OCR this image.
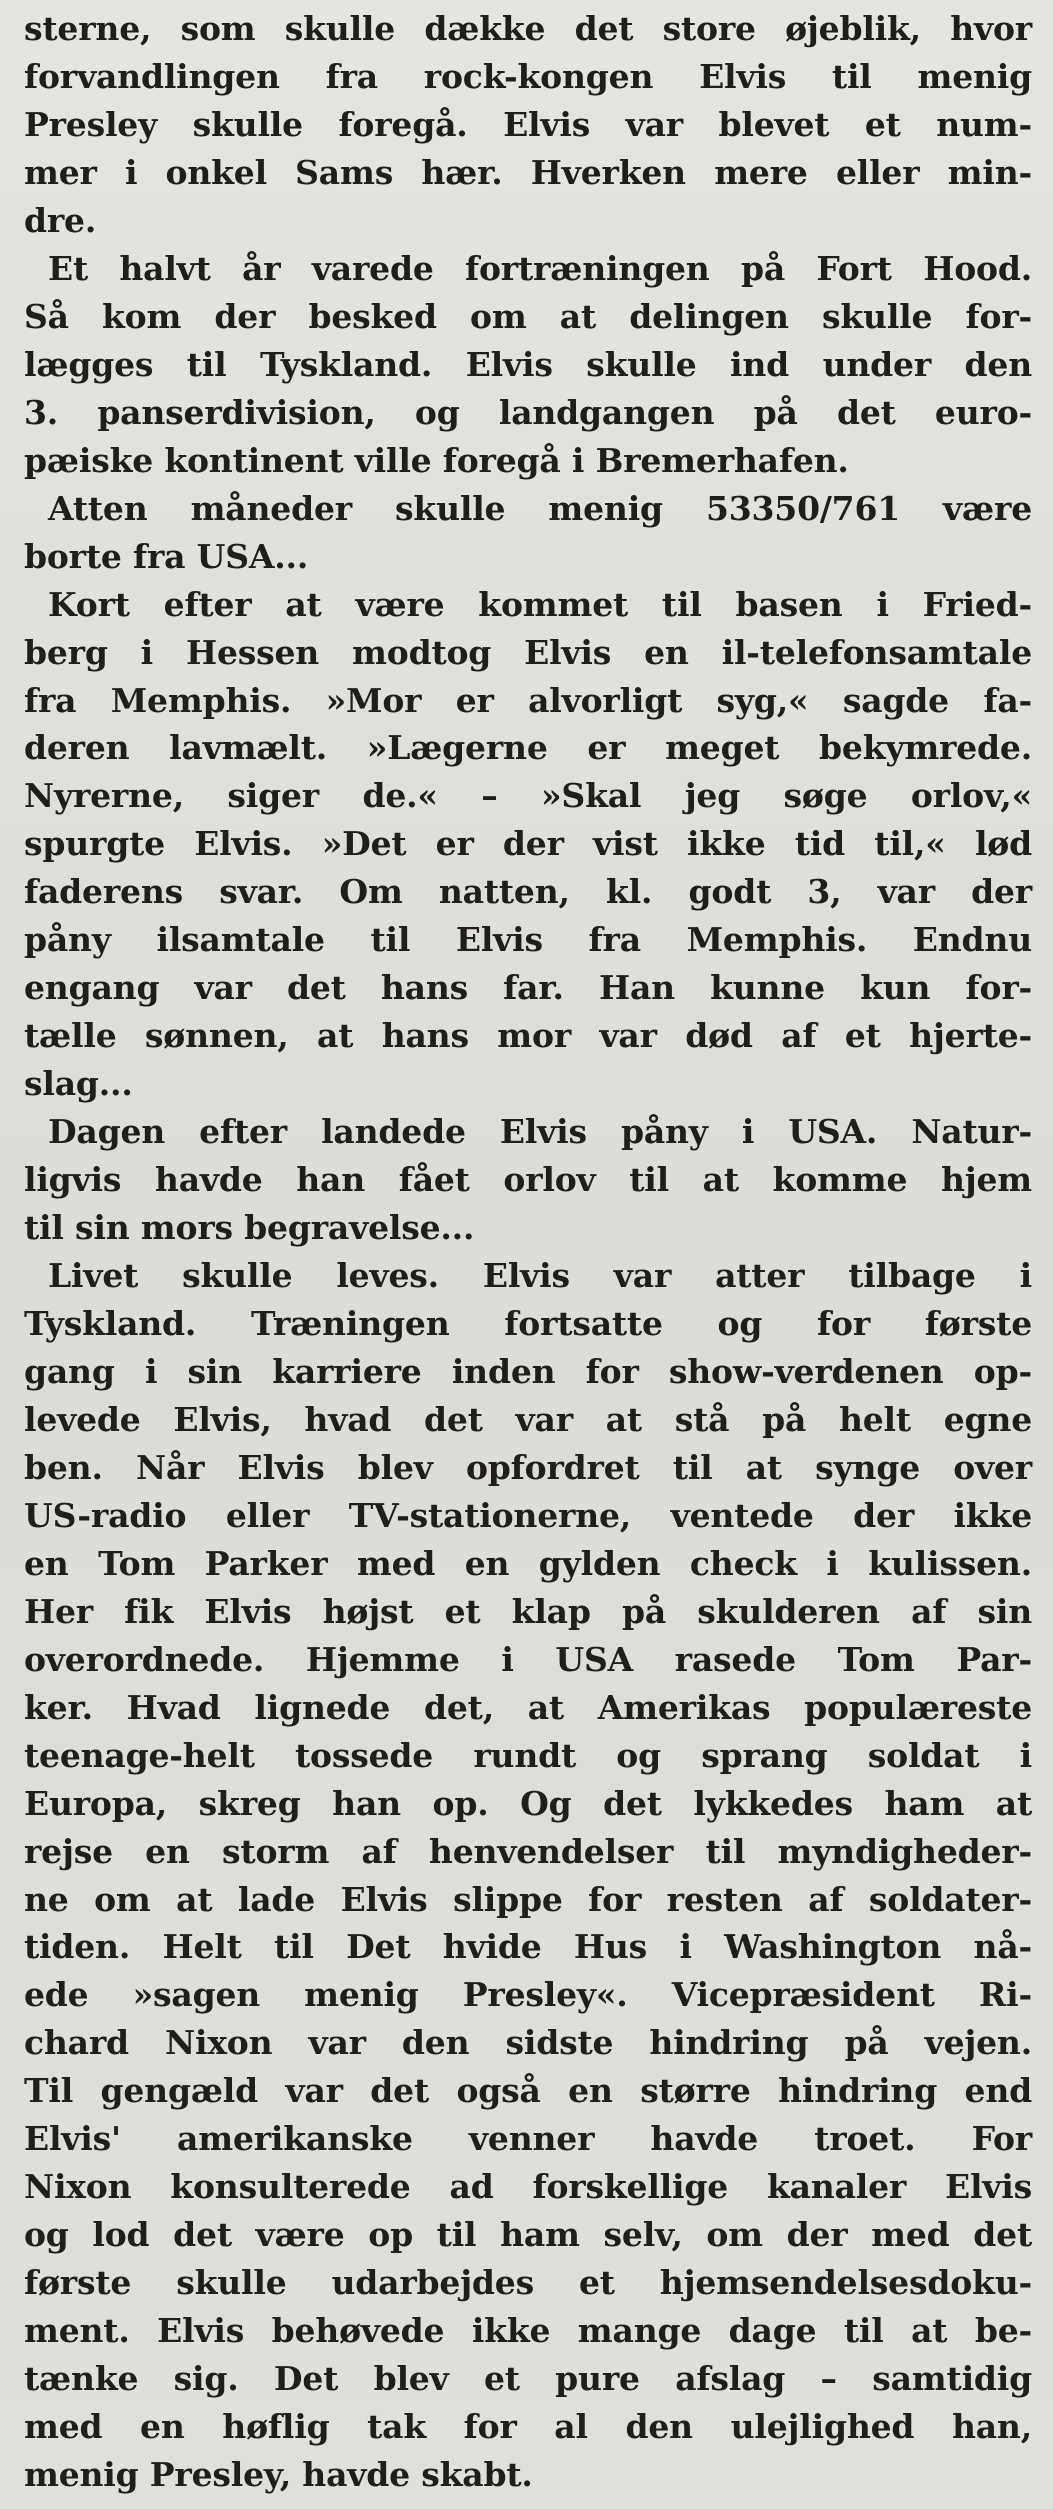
sterne, som skulle dække det store øjeblik, hvor
forvandlingen fra rock-kongen Elvis til menig
Presley skulle foregå. Elvis var blevet et num-
mer i onkel Sams hær. Hverken mere eller min-
dre.
Et halvt år varede fortræningen på Fort Hood.
Så kom der besked om at delingen skulle for-
lægges til Tyskland. Elvis skulle ind under den
3. panserdivision, og landgangen på det euro-
pæiske kontinent ville foregå i Bremerhafen.
Atten måneder skulle menig 53350/761 være
borte fra USA...
Kort efter at være kommet til basen i Fried-
berg i Hessen modtog Elvis en il-telefonsamtale
fra Memphis. »Mor er alvorligt syg,« sagde fa-
deren lavmælt. »Lægerne er meget bekymrede.
Nyrerne, siger de.« – »Skal jeg søge orlov,«
spurgte Elvis. »Det er der vist ikke tid til,« lød
faderens svar. Om natten, kl. godt 3, var der
påny ilsamtale til Elvis fra Memphis. Endnu
engang var det hans far. Han kunne kun for-
tælle sønnen, at hans mor var død af et hjerte-
slag...
Dagen efter landede Elvis påny i USA. Natur-
ligvis havde han fået orlov til at komme hjem
til sin mors begravelse...
Livet skulle leves. Elvis var atter tilbage i
Tyskland. Træningen fortsatte og for første
gang i sin karriere inden for show-verdenen op-
levede Elvis, hvad det var at stå på helt egne
ben. Når Elvis blev opfordret til at synge over
US-radio eller TV-stationerne, ventede der ikke
en Tom Parker med en gylden check i kulissen.
Her fik Elvis højst et klap på skulderen af sin
overordnede. Hjemme i USA rasede Tom Par-
ker. Hvad lignede det, at Amerikas populæreste
teenage-helt tossede rundt og sprang soldat i
Europa, skreg han op. Og det lykkedes ham at
rejse en storm af henvendelser til myndigheder-
ne om at lade Elvis slippe for resten af soldater-
tiden. Helt til Det hvide Hus i Washington nå-
ede »sagen menig Presley«. Vicepræsident Ri-
chard Nixon var den sidste hindring på vejen.
Til gengæld var det også en større hindring end
Elvis' amerikanske venner havde troet. For
Nixon konsulterede ad forskellige kanaler Elvis
og lod det være op til ham selv, om der med det
første skulle udarbejdes et hjemsendelsesdoku-
ment. Elvis behøvede ikke mange dage til at be-
tænke sig. Det blev et pure afslag – samtidig
med en høflig tak for al den ulejlighed han,
menig Presley, havde skabt.
